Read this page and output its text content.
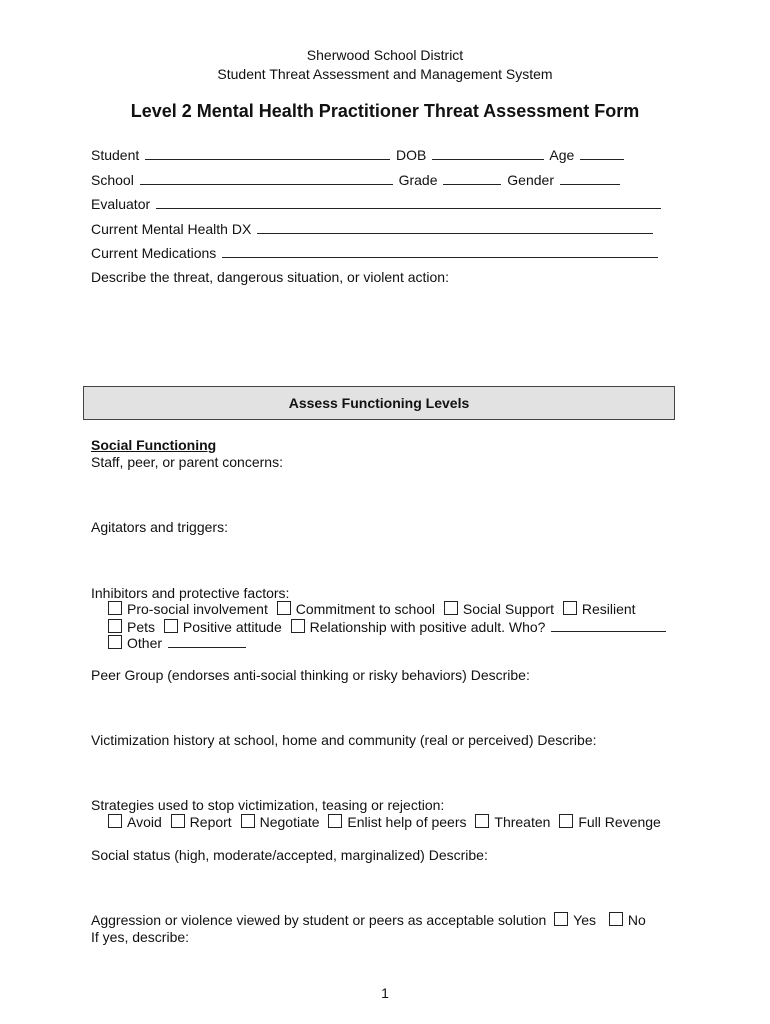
Sherwood School District
Student Threat Assessment and Management System
Level 2 Mental Health Practitioner Threat Assessment Form
Student	DOB	Age
School	Grade	Gender
Evaluator
Current Mental Health DX
Current Medications
Describe the threat, dangerous situation, or violent action:
Assess Functioning Levels
Social Functioning
Staff, peer, or parent concerns:
Agitators and triggers:
Inhibitors and protective factors:
Pro-social involvement Commitment to school Social Support Resilient
Pets Positive attitude Relationship with positive adult. Who?
Other
Peer Group (endorses anti-social thinking or risky behaviors) Describe:
Victimization history at school, home and community (real or perceived) Describe:
Strategies used to stop victimization, teasing or rejection:
Avoid Report Negotiate Enlist help of peers Threaten Full Revenge
Social status (high, moderate/accepted, marginalized) Describe:
Aggression or violence viewed by student or peers as acceptable solution Yes No
If yes, describe:
1
